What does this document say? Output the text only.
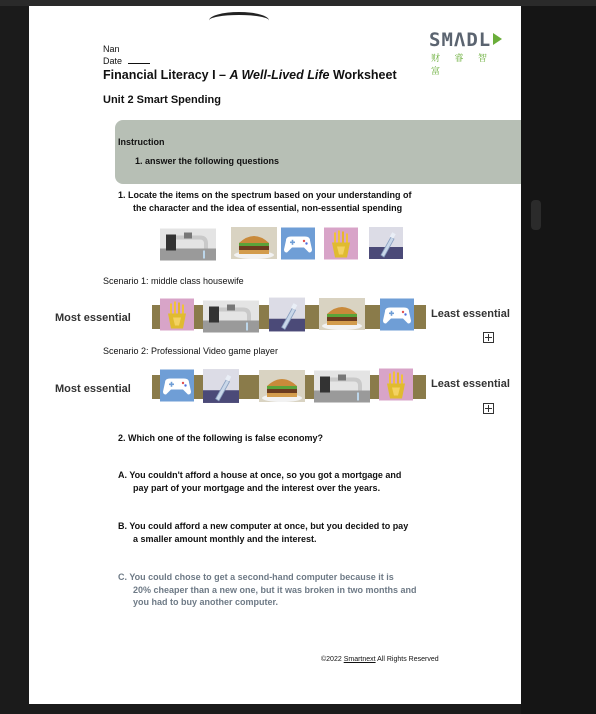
SMΛDL
财 睿 智 富
Nan
Date
Financial Literacy I – A Well-Lived Life Worksheet
Unit 2 Smart Spending
Instruction
1. answer the following questions
1. Locate the items on the spectrum based on your understanding of
the character and the idea of essential, non-essential spending
Scenario 1: middle class housewife
Most essential	Least essential
Scenario 2: Professional Video game player
Most essential	Least essential
2. Which one of the following is false economy?
A. You couldn't afford a house at once, so you got a mortgage and
pay part of your mortgage and the interest over the years.
B. You could afford a new computer at once, but you decided to pay
a smaller amount monthly and the interest.
C. You could chose to get a second-hand computer because it is
20% cheaper than a new one, but it was broken in two months and
you had to buy another computer.
©2022 Smartnext All Rights Reserved
